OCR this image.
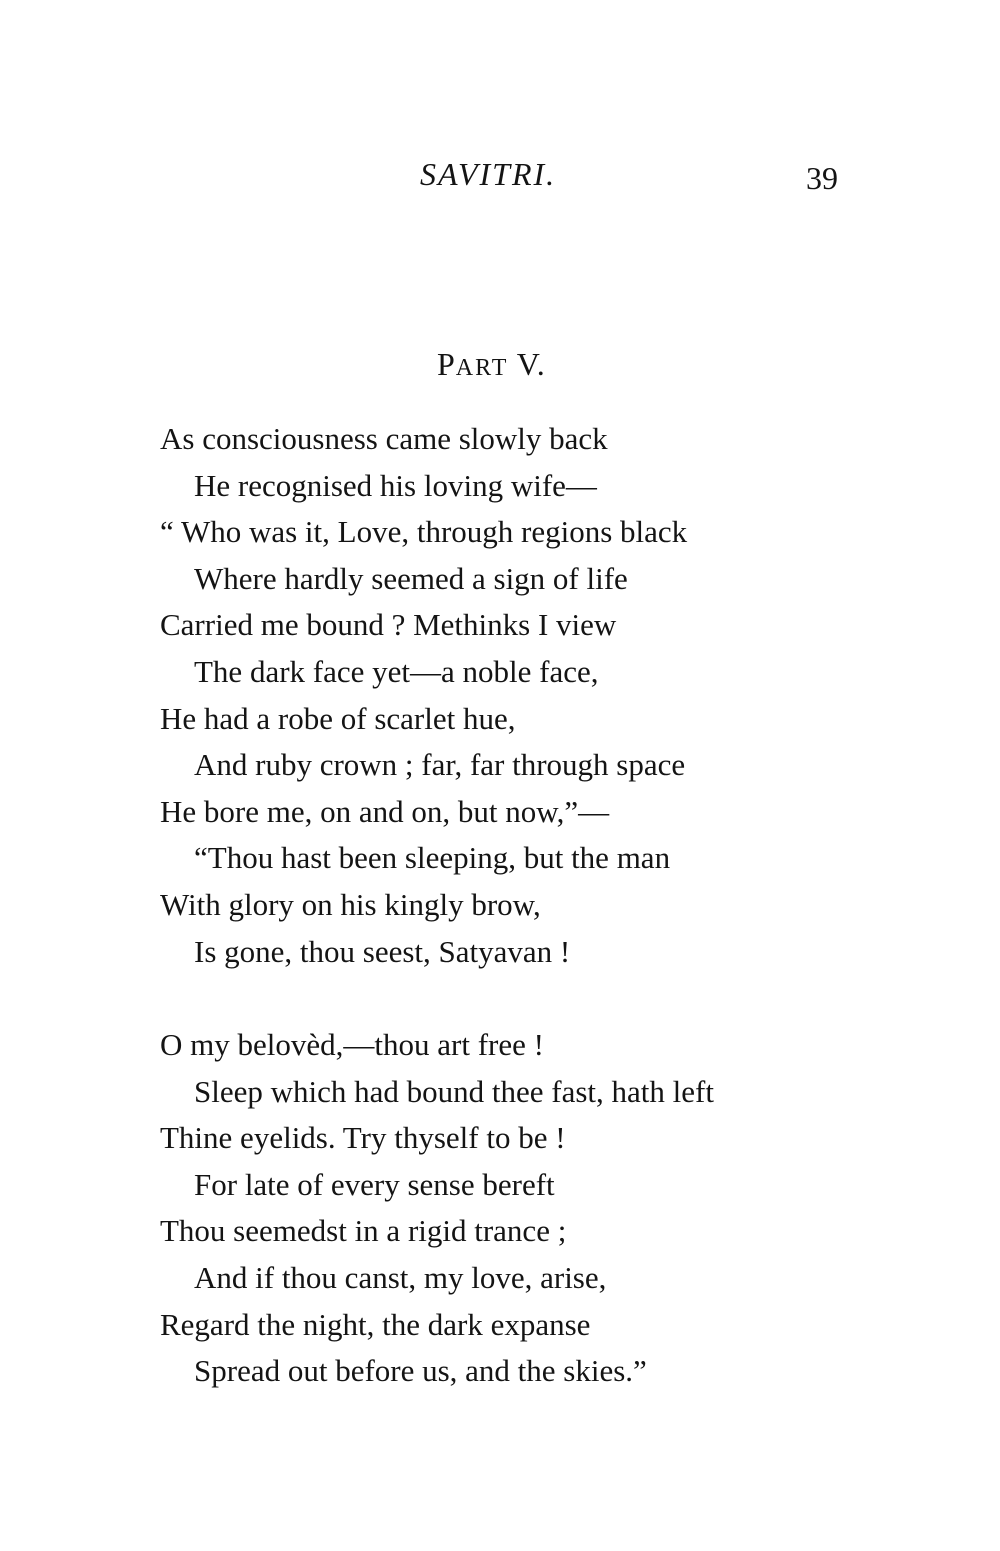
SAVITRI.	39
PART V.
As consciousness came slowly back
He recognised his loving wife—
“ Who was it, Love, through regions black
Where hardly seemed a sign of life
Carried me bound ? Methinks I view
The dark face yet—a noble face,
He had a robe of scarlet hue,
And ruby crown ; far, far through space
He bore me, on and on, but now,”—
“Thou hast been sleeping, but the man
With glory on his kingly brow,
Is gone, thou seest, Satyavan !
O my belovèd,—thou art free !
Sleep which had bound thee fast, hath left
Thine eyelids. Try thyself to be !
For late of every sense bereft
Thou seemedst in a rigid trance ;
And if thou canst, my love, arise,
Regard the night, the dark expanse
Spread out before us, and the skies.”
